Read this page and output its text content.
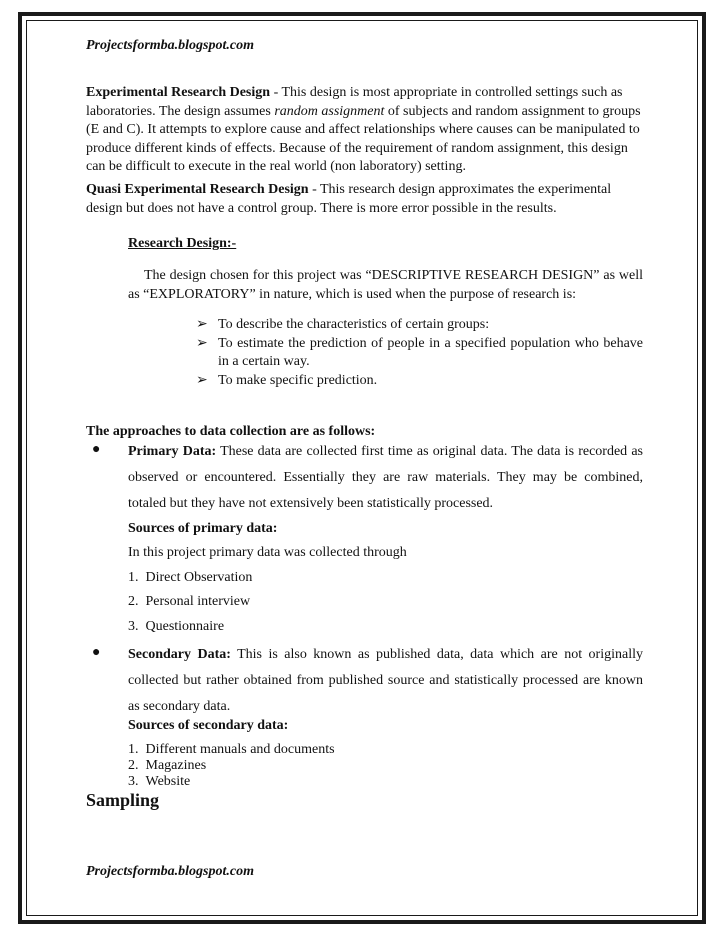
Projectsformba.blogspot.com
Experimental Research Design - This design is most appropriate in controlled settings such as laboratories. The design assumes random assignment of subjects and random assignment to groups (E and C). It attempts to explore cause and affect relationships where causes can be manipulated to produce different kinds of effects. Because of the requirement of random assignment, this design can be difficult to execute in the real world (non laboratory) setting.
Quasi Experimental Research Design - This research design approximates the experimental design but does not have a control group. There is more error possible in the results.
Research Design:-
The design chosen for this project was “DESCRIPTIVE RESEARCH DESIGN” as well as “EXPLORATORY” in nature, which is used when the purpose of research is:
➢ To describe the characteristics of certain groups:
➢ To estimate the prediction of people in a specified population who behave in a certain way.
➢ To make specific prediction.
The approaches to data collection are as follows:
● Primary Data: These data are collected first time as original data. The data is recorded as observed or encountered. Essentially they are raw materials. They may be combined, totaled but they have not extensively been statistically processed.
Sources of primary data:
In this project primary data was collected through
1. Direct Observation
2. Personal interview
3. Questionnaire
● Secondary Data: This is also known as published data, data which are not originally collected but rather obtained from published source and statistically processed are known as secondary data.
Sources of secondary data:
1. Different manuals and documents
2. Magazines
3. Website
Sampling
Projectsformba.blogspot.com
